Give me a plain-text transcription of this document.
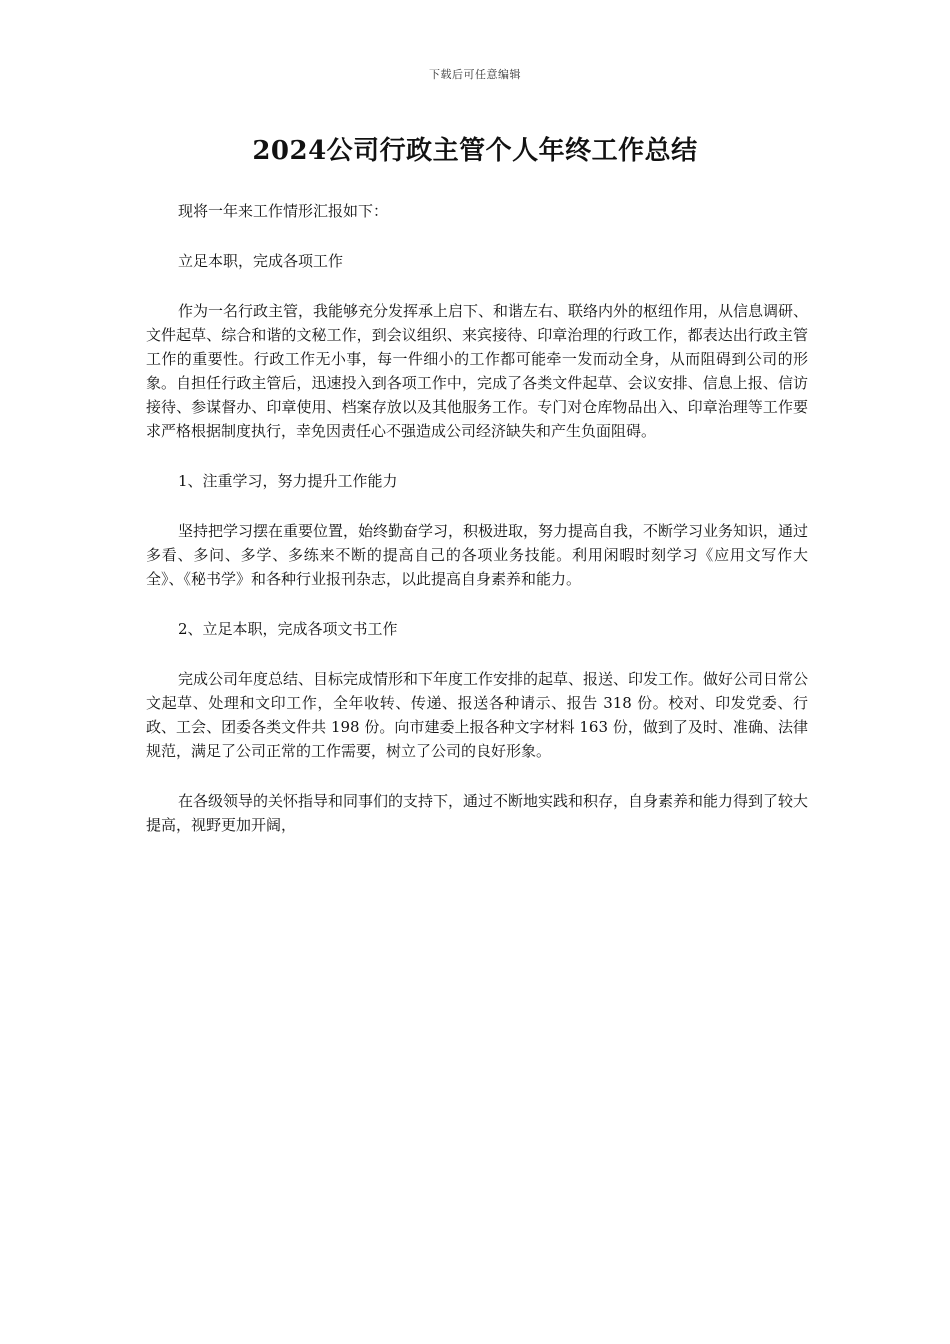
下载后可任意编辑
2024公司行政主管个人年终工作总结

现将一年来工作情形汇报如下：

立足本职，完成各项工作

作为一名行政主管，我能够充分发挥承上启下、和谐左右、联络内外的枢纽作用，从信息调研、文件起草、综合和谐的文秘工作，到会议组织、来宾接待、印章治理的行政工作，都表达出行政主管工作的重要性。行政工作无小事，每一件细小的工作都可能牵一发而动全身，从而阻碍到公司的形象。自担任行政主管后，迅速投入到各项工作中，完成了各类文件起草、会议安排、信息上报、信访接待、参谋督办、印章使用、档案存放以及其他服务工作。专门对仓库物品出入、印章治理等工作要求严格根据制度执行，幸免因责任心不强造成公司经济缺失和产生负面阻碍。

1、注重学习，努力提升工作能力

坚持把学习摆在重要位置，始终勤奋学习，积极进取，努力提高自我，不断学习业务知识，通过多看、多问、多学、多练来不断的提高自己的各项业务技能。利用闲暇时刻学习《应用文写作大全》、《秘书学》和各种行业报刊杂志，以此提高自身素养和能力。

2、立足本职，完成各项文书工作

完成公司年度总结、目标完成情形和下年度工作安排的起草、报送、印发工作。做好公司日常公文起草、处理和文印工作，全年收转、传递、报送各种请示、报告 318 份。校对、印发党委、行政、工会、团委各类文件共 198 份。向市建委上报各种文字材料 163 份，做到了及时、准确、法律规范，满足了公司正常的工作需要，树立了公司的良好形象。

在各级领导的关怀指导和同事们的支持下，通过不断地实践和积存，自身素养和能力得到了较大提高，视野更加开阔，
